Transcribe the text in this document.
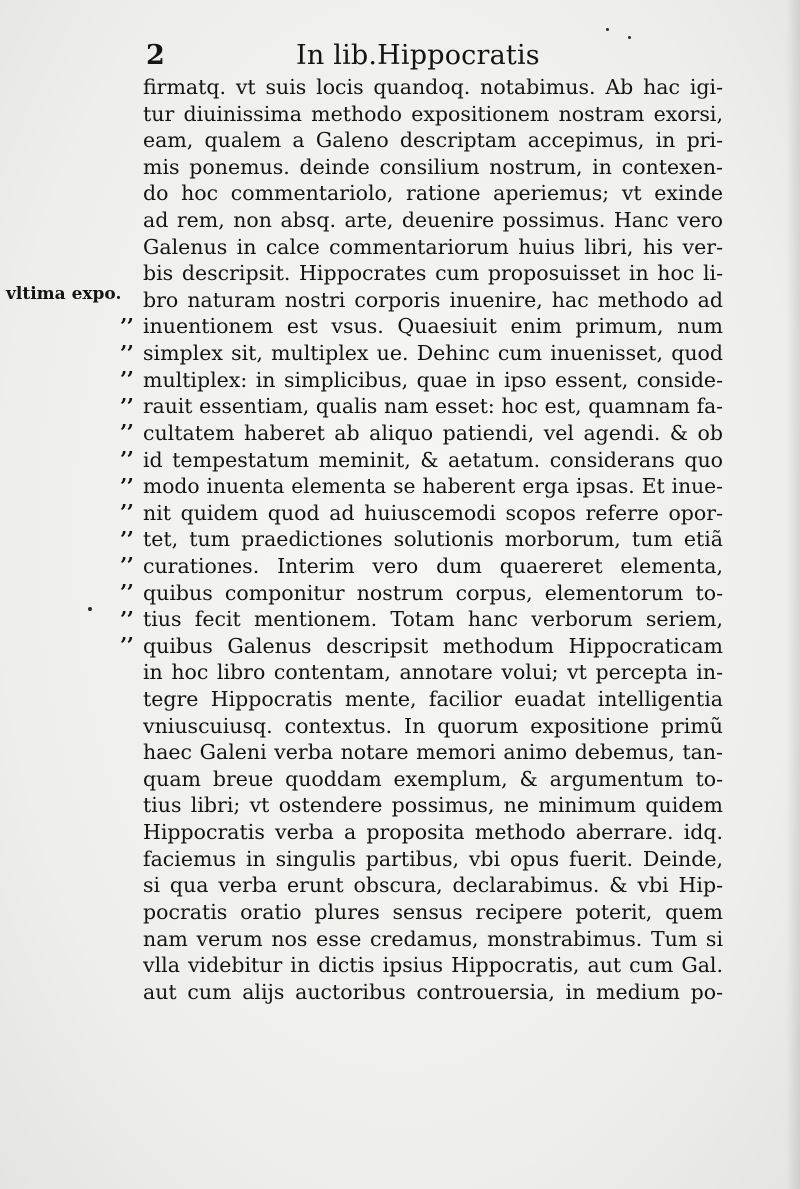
2	In lib.Hippocratis
vltima expo.
,,
,,
,,
,,
,,
,,
,,
,,
,,
,,
,,
,,
,,
firmatq. vt suis locis quandoq. notabimus. Ab hac igi-
tur diuinissima methodo expositionem nostram exorsi,
eam, qualem a Galeno descriptam accepimus, in pri-
mis ponemus. deinde consilium nostrum, in contexen-
do hoc commentariolo, ratione aperiemus; vt exinde
ad rem, non absq. arte, deuenire possimus. Hanc vero
Galenus in calce commentariorum huius libri, his ver-
bis descripsit. Hippocrates cum proposuisset in hoc li-
bro naturam nostri corporis inuenire, hac methodo ad
inuentionem est vsus. Quaesiuit enim primum, num
simplex sit, multiplex ue. Dehinc cum inuenisset, quod
multiplex: in simplicibus, quae in ipso essent, conside-
rauit essentiam, qualis nam esset: hoc est, quamnam fa-
cultatem haberet ab aliquo patiendi, vel agendi. & ob
id tempestatum meminit, & aetatum. considerans quo
modo inuenta elementa se haberent erga ipsas. Et inue-
nit quidem quod ad huiuscemodi scopos referre opor-
tet, tum praedictiones solutionis morborum, tum etiã
curationes. Interim vero dum quaereret elementa,
quibus componitur nostrum corpus, elementorum to-
tius fecit mentionem. Totam hanc verborum seriem,
quibus Galenus descripsit methodum Hippocraticam
in hoc libro contentam, annotare volui; vt percepta in-
tegre Hippocratis mente, facilior euadat intelligentia
vniuscuiusq. contextus. In quorum expositione primũ
haec Galeni verba notare memori animo debemus, tan-
quam breue quoddam exemplum, & argumentum to-
tius libri; vt ostendere possimus, ne minimum quidem
Hippocratis verba a proposita methodo aberrare. idq.
faciemus in singulis partibus, vbi opus fuerit. Deinde,
si qua verba erunt obscura, declarabimus. & vbi Hip-
pocratis oratio plures sensus recipere poterit, quem
nam verum nos esse credamus, monstrabimus. Tum si
vlla videbitur in dictis ipsius Hippocratis, aut cum Gal.
aut cum alijs auctoribus controuersia, in medium po-
